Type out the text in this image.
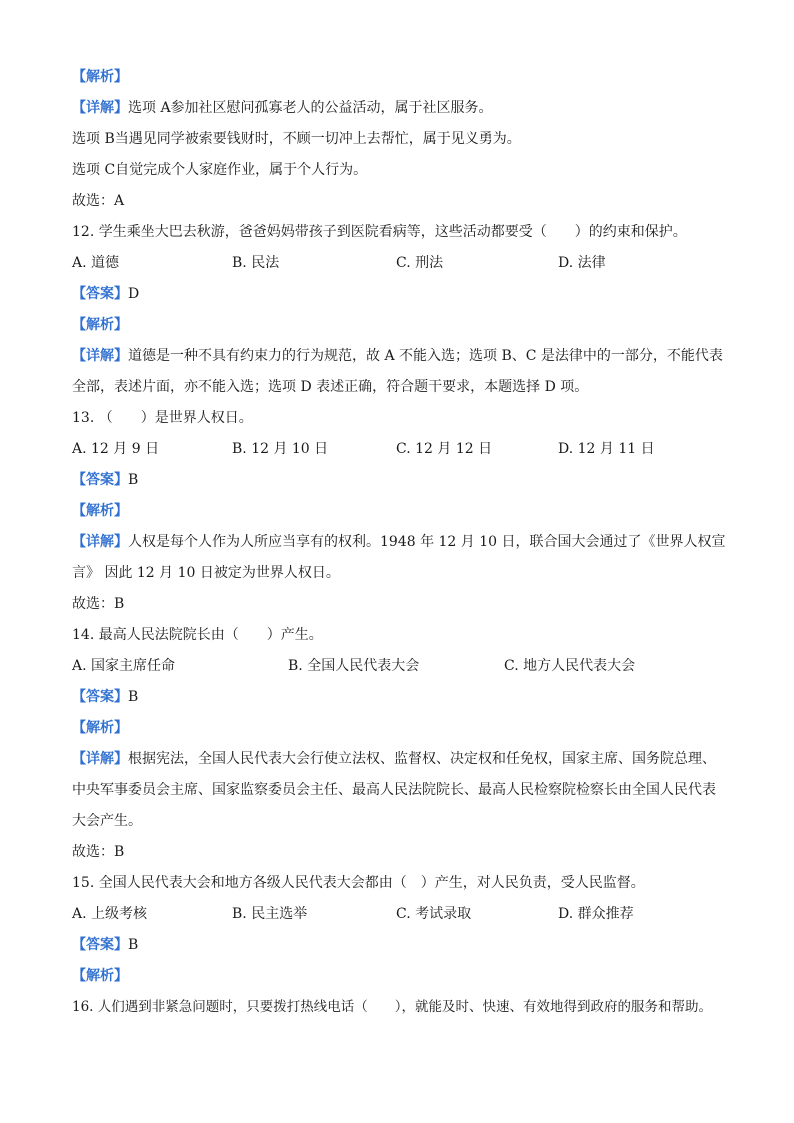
【解析】
【详解】选项 A参加社区慰问孤寡老人的公益活动，属于社区服务。
选项 B当遇见同学被索要钱财时，不顾一切冲上去帮忙，属于见义勇为。
选项 C自觉完成个人家庭作业，属于个人行为。
故选：A
12. 学生乘坐大巴去秋游，爸爸妈妈带孩子到医院看病等，这些活动都要受（　　）的约束和保护。
A. 道德	B. 民法	C. 刑法	D. 法律
【答案】D
【解析】
【详解】道德是一种不具有约束力的行为规范，故 A 不能入选；选项 B、C 是法律中的一部分，不能代表
全部，表述片面，亦不能入选；选项 D 表述正确，符合题干要求，本题选择 D 项。
13. （　　）是世界人权日。
A. 12 月 9 日	B. 12 月 10 日	C. 12 月 12 日	D. 12 月 11 日
【答案】B
【解析】
【详解】人权是每个人作为人所应当享有的权利。1948 年 12 月 10 日，联合国大会通过了《世界人权宣
言》 因此 12 月 10 日被定为世界人权日。
故选：B
14. 最高人民法院院长由（　　）产生。
A. 国家主席任命	B. 全国人民代表大会	C. 地方人民代表大会
【答案】B
【解析】
【详解】根据宪法，全国人民代表大会行使立法权、监督权、决定权和任免权，国家主席、国务院总理、
中央军事委员会主席、国家监察委员会主任、最高人民法院院长、最高人民检察院检察长由全国人民代表
大会产生。
故选：B
15. 全国人民代表大会和地方各级人民代表大会都由（　）产生，对人民负责，受人民监督。
A. 上级考核	B. 民主选举	C. 考试录取	D. 群众推荐
【答案】B
【解析】
16. 人们遇到非紧急问题时，只要拨打热线电话（　　），就能及时、快速、有效地得到政府的服务和帮助。
